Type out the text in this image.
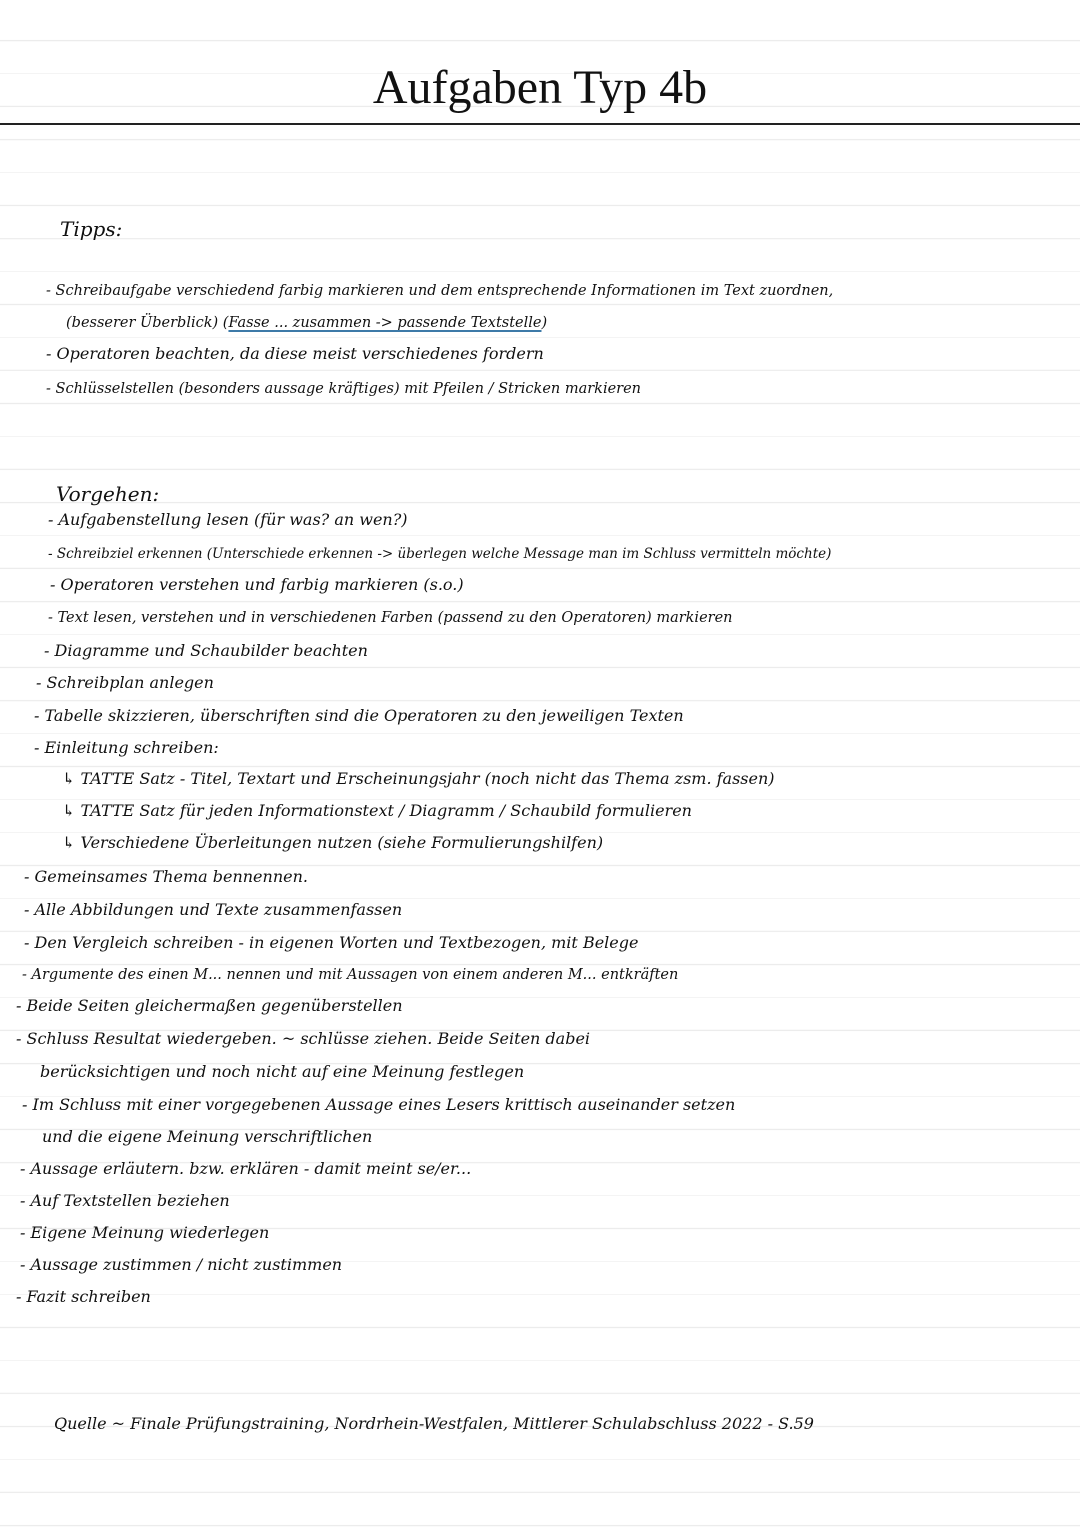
Aufgaben Typ 4b
Tipps:
- Schreibaufgabe verschiedend farbig markieren und dem entsprechende Informationen im Text zuordnen,
(besserer Überblick) (Fasse ... zusammen -> passende Textstelle)
- Operatoren beachten, da diese meist verschiedenes fordern
- Schlüsselstellen (besonders aussage kräftiges) mit Pfeilen / Stricken markieren
Vorgehen:
- Aufgabenstellung lesen (für was? an wen?)
- Schreibziel erkennen (Unterschiede erkennen -> überlegen welche Message man im Schluss vermitteln möchte)
- Operatoren verstehen und farbig markieren (s.o.)
- Text lesen, verstehen und in verschiedenen Farben (passend zu den Operatoren) markieren
- Diagramme und Schaubilder beachten
- Schreibplan anlegen
- Tabelle skizzieren, überschriften sind die Operatoren zu den jeweiligen Texten
- Einleitung schreiben:
↳ TATTE Satz - Titel, Textart und Erscheinungsjahr (noch nicht das Thema zsm. fassen)
↳ TATTE Satz für jeden Informationstext / Diagramm / Schaubild formulieren
↳ Verschiedene Überleitungen nutzen (siehe Formulierungshilfen)
- Gemeinsames Thema bennennen.
- Alle Abbildungen und Texte zusammenfassen
- Den Vergleich schreiben - in eigenen Worten und Textbezogen, mit Belege
- Argumente des einen M... nennen und mit Aussagen von einem anderen M... entkräften
- Beide Seiten gleichermaßen gegenüberstellen
- Schluss Resultat wiedergeben. ~ schlüsse ziehen. Beide Seiten dabei
berücksichtigen und noch nicht auf eine Meinung festlegen
- Im Schluss mit einer vorgegebenen Aussage eines Lesers krittisch auseinander setzen
und die eigene Meinung verschriftlichen
- Aussage erläutern. bzw. erklären - damit meint se/er...
- Auf Textstellen beziehen
- Eigene Meinung wiederlegen
- Aussage zustimmen / nicht zustimmen
- Fazit schreiben
Quelle ~ Finale Prüfungstraining, Nordrhein-Westfalen, Mittlerer Schulabschluss 2022 - S.59
